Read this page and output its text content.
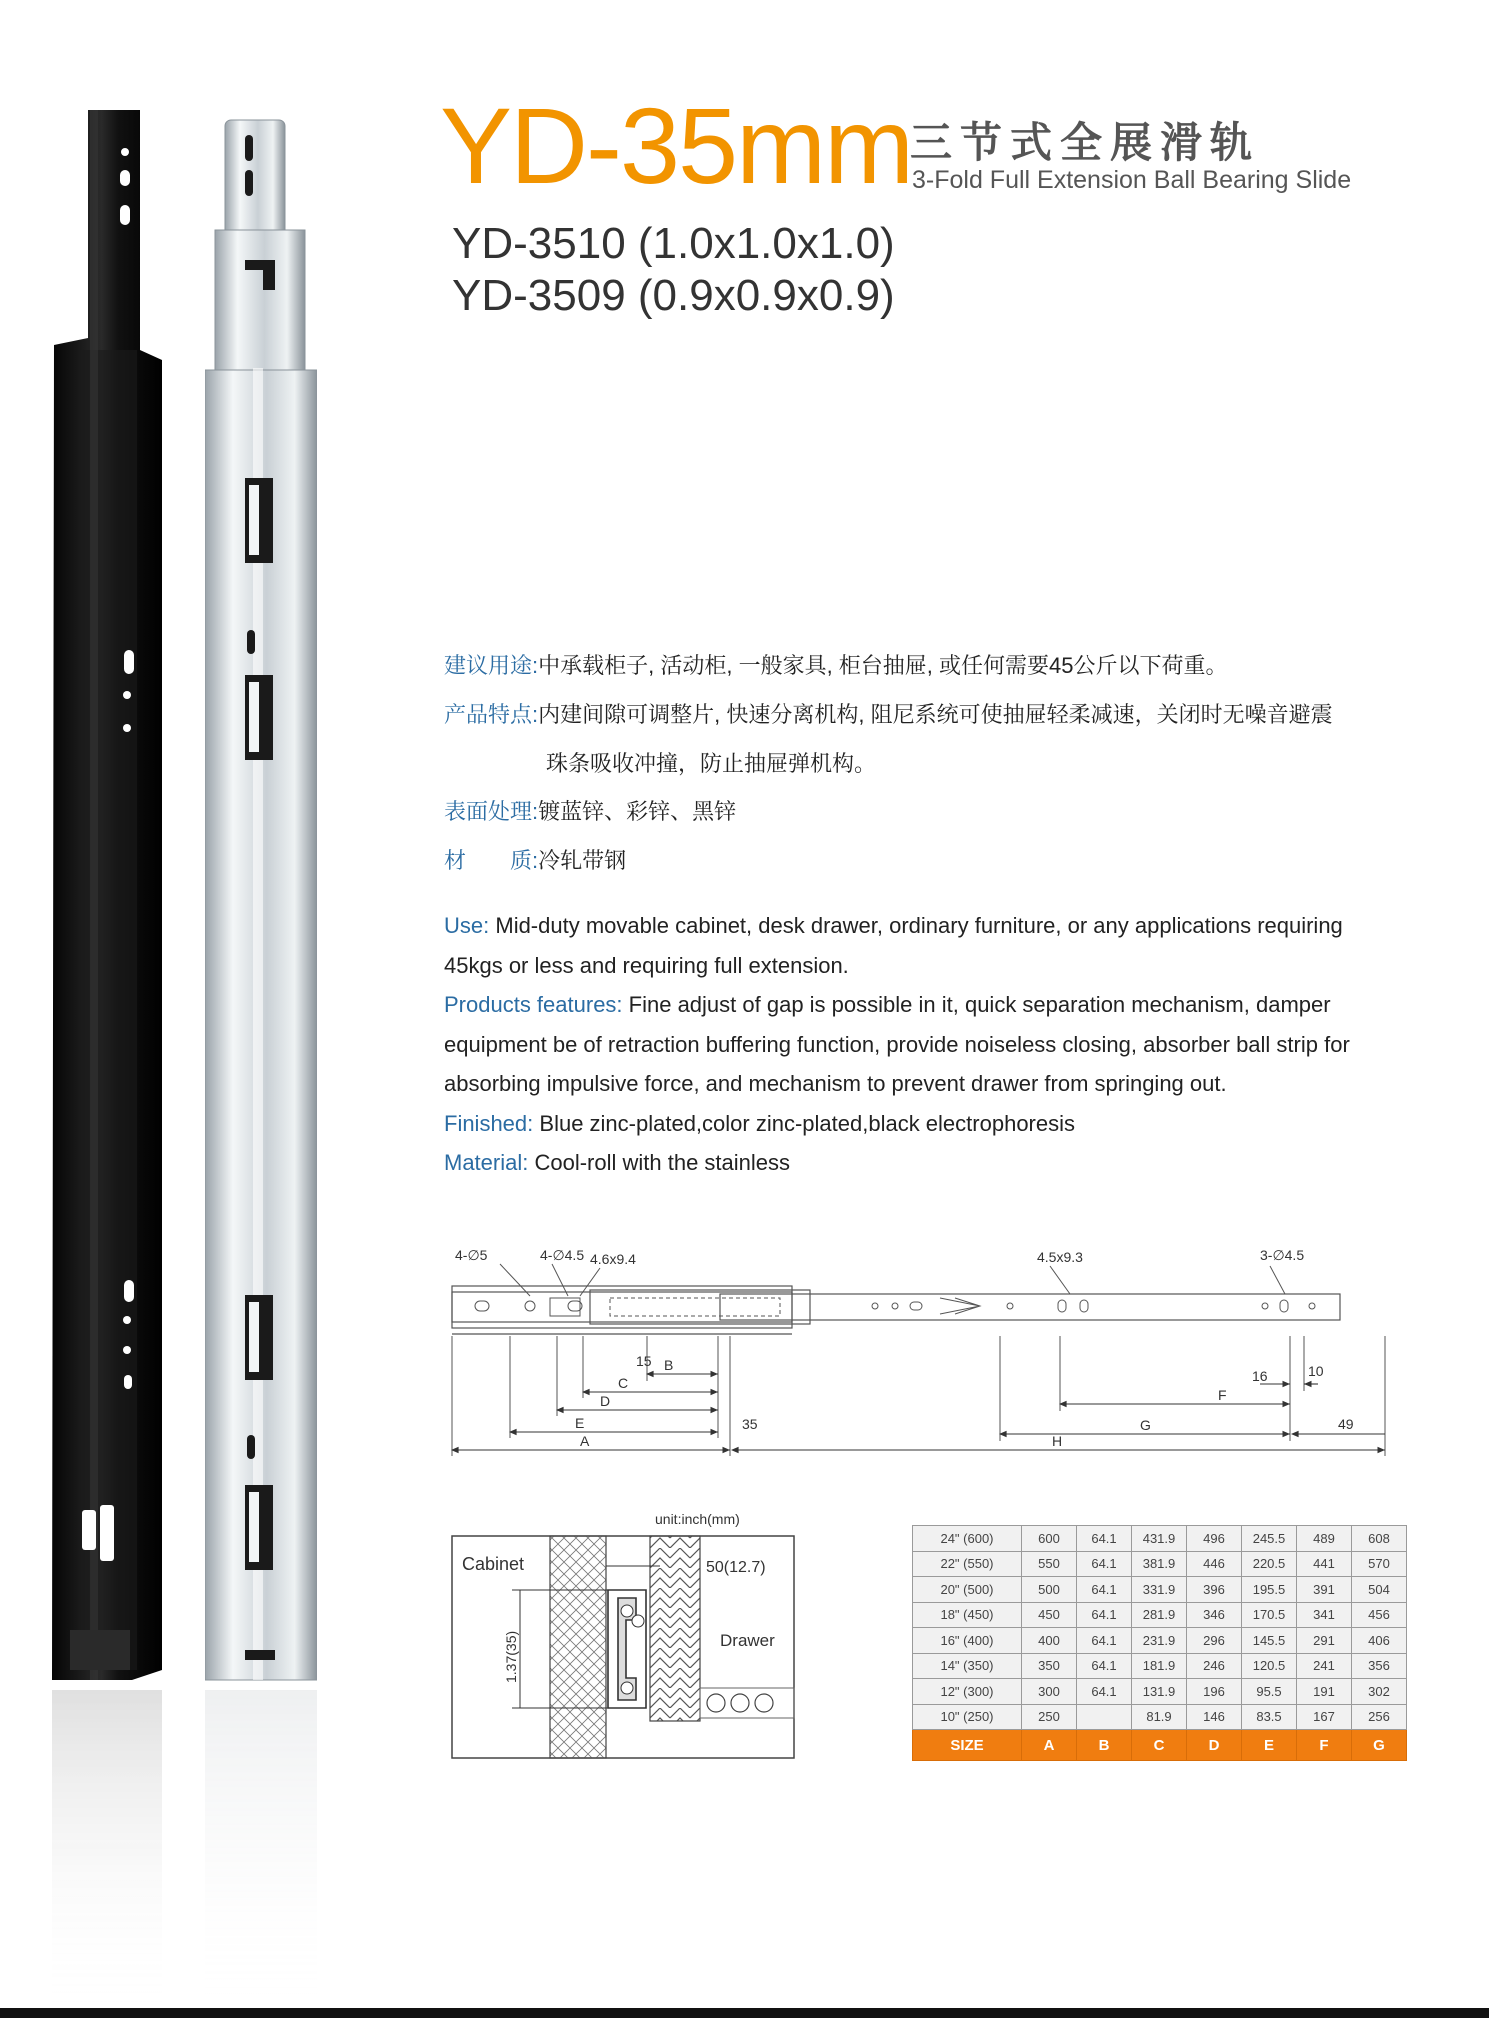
YD-35mm
三节式全展滑轨
3-Fold Full Extension Ball Bearing Slide
YD-3510 (1.0x1.0x1.0)
YD-3509 (0.9x0.9x0.9)
建议用途:中承载柜子, 活动柜, 一般家具, 柜台抽屉, 或任何需要45公斤以下荷重。
产品特点:内建间隙可调整片, 快速分离机构, 阻尼系统可使抽屉轻柔减速，关闭时无噪音避震
珠条吸收冲撞，防止抽屉弹机构。
表面处理:镀蓝锌、彩锌、黑锌
材　　质:冷轧带钢
Use: Mid-duty movable cabinet, desk drawer, ordinary furniture, or any applications requiring 45kgs or less and requiring full extension.
Products features: Fine adjust of gap is possible in it, quick separation mechanism, damper equipment be of retraction buffering function, provide noiseless closing, absorber ball strip for absorbing impulsive force, and mechanism to prevent drawer from springing out.
Finished: Blue zinc-plated,color zinc-plated,black electrophoresis
Material: Cool-roll with the stainless
4-∅5	4-∅4.5 4.6x9.4	4.5x9.3	3-∅4.5
15
16	10
35	49
B
C
D
E
A
F
G
H
unit:inch(mm)
Cabinet
Drawer
50(12.7)
1.37(35)
24" (600)	600	64.1	431.9	496	245.5	489	608
22" (550)	550	64.1	381.9	446	220.5	441	570
20" (500)	500	64.1	331.9	396	195.5	391	504
18" (450)	450	64.1	281.9	346	170.5	341	456
16" (400)	400	64.1	231.9	296	145.5	291	406
14" (350)	350	64.1	181.9	246	120.5	241	356
12" (300)	300	64.1	131.9	196	95.5	191	302
10" (250)	250		81.9	146	83.5	167	256
SIZE	A	B	C	D	E	F	G
